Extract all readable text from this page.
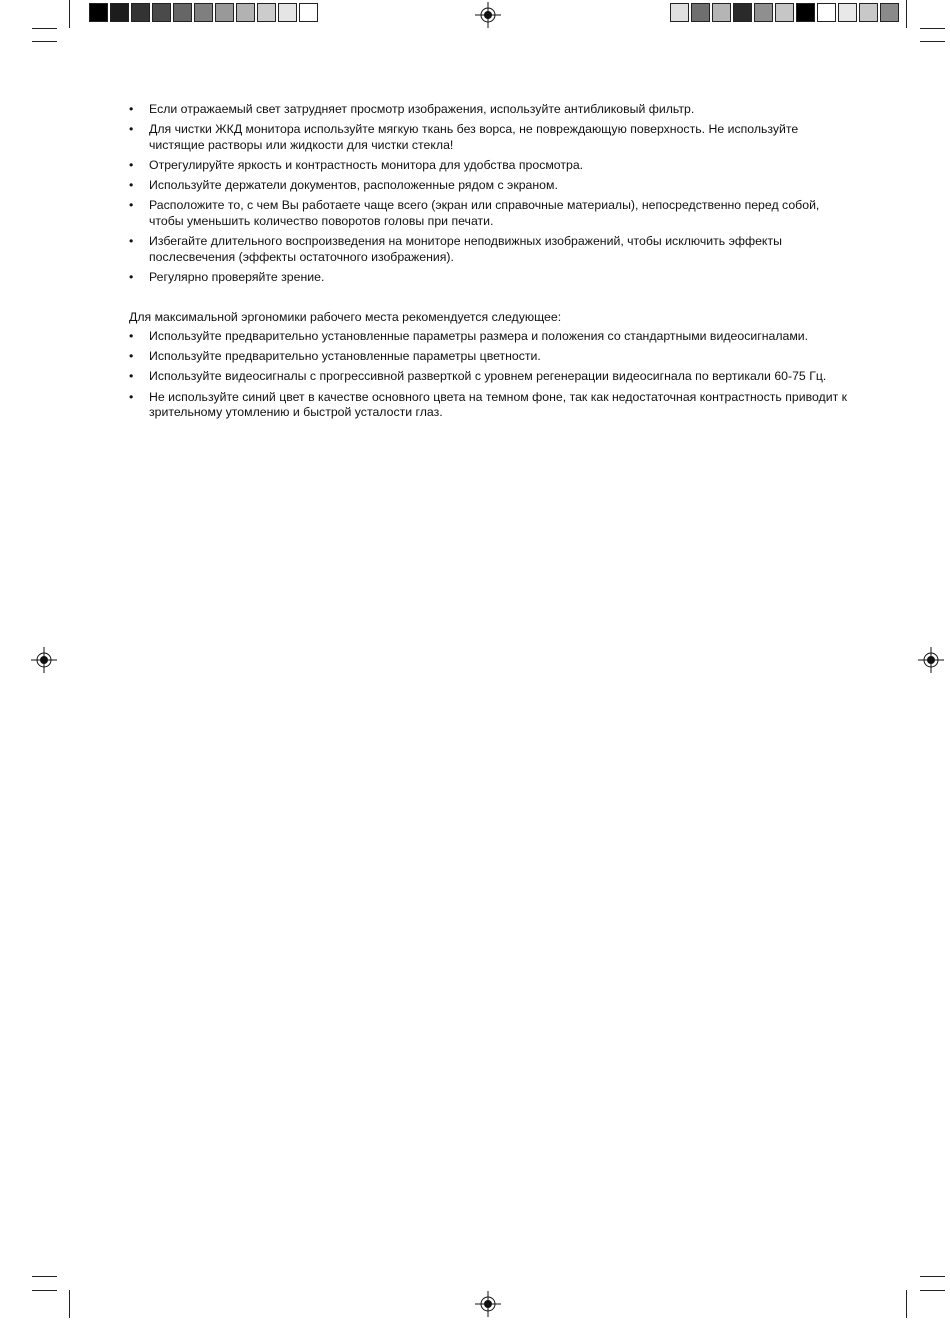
• Если отражаемый свет затрудняет просмотр изображения, используйте антибликовый фильтр.
• Для чистки ЖКД монитора используйте мягкую ткань без ворса, не повреждающую поверхность. Не используйте чистящие растворы или жидкости для чистки стекла!
• Отрегулируйте яркость и контрастность монитора для удобства просмотра.
• Используйте держатели документов, расположенные рядом с экраном.
• Расположите то, с чем Вы работаете чаще всего (экран или справочные материалы), непосредственно перед собой, чтобы уменьшить количество поворотов головы при печати.
• Избегайте длительного воспроизведения на мониторе неподвижных изображений, чтобы исключить эффекты послесвечения (эффекты остаточного изображения).
• Регулярно проверяйте зрение.

Для максимальной эргономики рабочего места рекомендуется следующее:

• Используйте предварительно установленные параметры размера и положения со стандартными видеосигналами.
• Используйте предварительно установленные параметры цветности.
• Используйте видеосигналы с прогрессивной разверткой с уровнем регенерации видеосигнала по вертикали 60-75 Гц.
• Не используйте синий цвет в качестве основного цвета на темном фоне, так как недостаточная контрастность приводит к зрительному утомлению и быстрой усталости глаз.
